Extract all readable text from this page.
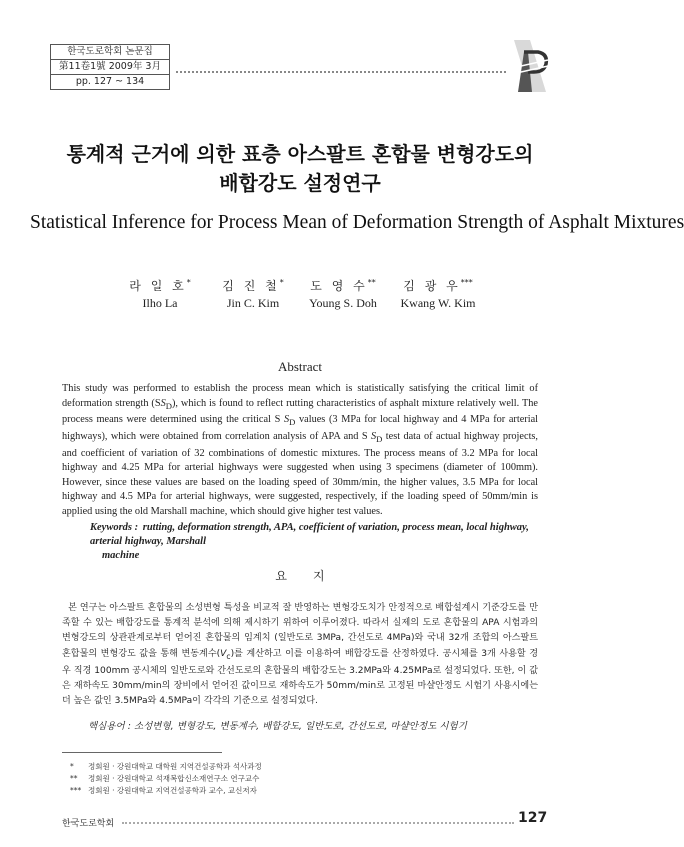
한국도로학회 논문집
第11卷1號 2009年 3月
pp. 127 ~ 134
통계적 근거에 의한 표층 아스팔트 혼합물 변형강도의
배합강도 설정연구
Statistical Inference for Process Mean of Deformation Strength of Asphalt Mixtures
라 일 호*
Ilho La
김 진 철*
Jin C. Kim
도 영 수**
Young S. Doh
김 광 우***
Kwang W. Kim
Abstract
This study was performed to establish the process mean which is statistically satisfying the critical limit of deformation strength $(SS_D)$, which is found to reflect rutting characteristics of asphalt mixture relatively well. The process means were determined using the critical S $S_D$ values (3 MPa for local highway and 4 MPa for arterial highways), which were obtained from correlation analysis of APA and S $S_D$ test data of actual highway projects, and coefficient of variation of 32 combinations of domestic mixtures. The process means of 3.2 MPa for local highway and 4.25 MPa for arterial highways were suggested when using 3 specimens (diameter of 100mm). However, since these values are based on the loading speed of 30mm/min, the higher values, 3.5 MPa for local highway and 4.5 MPa for arterial highways, were suggested, respectively, if the loading speed of 50mm/min is applied using the old Marshall machine, which should give higher test values.
Keywords : rutting, deformation strength, APA, coefficient of variation, process mean, local highway, arterial highway, Marshall
machine
요지
본 연구는 아스팔트 혼합물의 소성변형 특성을 비교적 잘 반영하는 변형강도치가 안정적으로 배합설계시 기준강도를 만족할 수 있는 배합강도를 통계적 분석에 의해 제시하기 위하여 이루어졌다. 따라서 실제의 도로 혼합물의 APA 시험과의 변형강도의 상관관계로부터 얻어진 혼합물의 임계치 (일반도로 3MPa, 간선도로 4MPa)와 국내 32개 조합의 아스팔트 혼합물의 변형강도 값을 통해 변동계수$(V_c)$를 계산하고 이를 이용하여 배합강도를 산정하였다. 공시체를 3개 사용할 경우 직경 100mm 공시체의 일반도로와 간선도로의 혼합물의 배합강도는 3.2MPa와 4.25MPa로 설정되었다. 또한, 이 값은 재하속도 30mm/min의 장비에서 얻어진 값이므로 재하속도가 50mm/min로 고정된 마샬안정도 시험기 사용시에는 더 높은 값인 3.5MPa와 4.5MPa이 각각의 기준으로 설정되었다.
핵심용어 : 소성변형, 변형강도, 변동계수, 배합강도, 일반도로, 간선도로, 마샬안정도 시험기
* 정회원 · 강원대학교 대학원 지역건설공학과 석사과정
** 정회원 · 강원대학교 석재복합신소재연구소 연구교수
*** 정회원 · 강원대학교 지역건설공학과 교수, 교신저자
한국도로학회	127
